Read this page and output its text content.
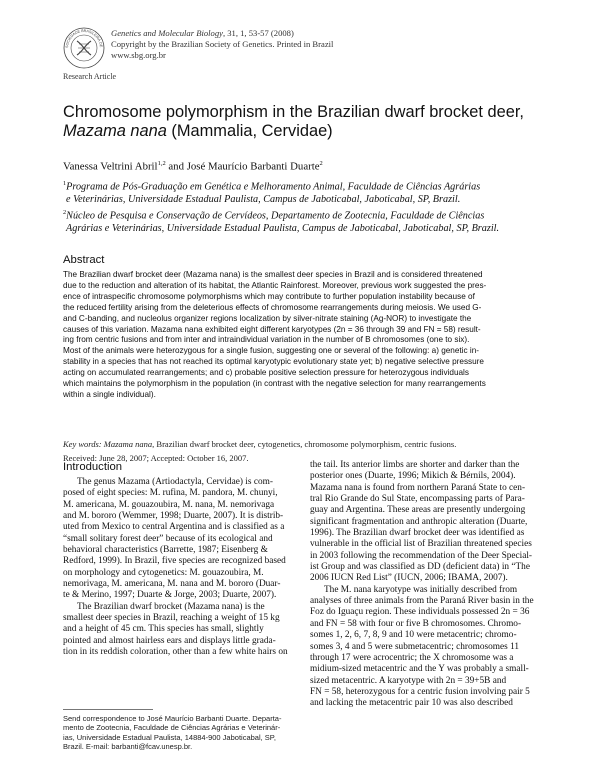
SOCIEDADE BRASILEIRA DE
Genetics and Molecular Biology, 31, 1, 53-57 (2008)
Copyright by the Brazilian Society of Genetics. Printed in Brazil
www.sbg.org.br
Research Article
Chromosome polymorphism in the Brazilian dwarf brocket deer,
Mazama nana (Mammalia, Cervidae)
Vanessa Veltrini Abril$^{1,2}$ and José Maurício Barbanti Duarte$^2$
$^1$Programa de Pós-Graduação em Genética e Melhoramento Animal, Faculdade de Ciências Agrárias
e Veterinárias, Universidade Estadual Paulista, Campus de Jaboticabal, Jaboticabal, SP, Brazil.
$^2$Núcleo de Pesquisa e Conservação de Cervídeos, Departamento de Zootecnia, Faculdade de Ciências
Agrárias e Veterinárias, Universidade Estadual Paulista, Campus de Jaboticabal, Jaboticabal, SP, Brazil.
Abstract
The Brazilian dwarf brocket deer (Mazama nana) is the smallest deer species in Brazil and is considered threatened
due to the reduction and alteration of its habitat, the Atlantic Rainforest. Moreover, previous work suggested the pres-
ence of intraspecific chromosome polymorphisms which may contribute to further population instability because of
the reduced fertility arising from the deleterious effects of chromosome rearrangements during meiosis. We used G-
and C-banding, and nucleolus organizer regions localization by silver-nitrate staining (Ag-NOR) to investigate the
causes of this variation. Mazama nana exhibited eight different karyotypes (2n = 36 through 39 and FN = 58) result-
ing from centric fusions and from inter and intraindividual variation in the number of B chromosomes (one to six).
Most of the animals were heterozygous for a single fusion, suggesting one or several of the following: a) genetic in-
stability in a species that has not reached its optimal karyotypic evolutionary state yet; b) negative selective pressure
acting on accumulated rearrangements; and c) probable positive selection pressure for heterozygous individuals
which maintains the polymorphism in the population (in contrast with the negative selection for many rearrangements
within a single individual).
Key words: Mazama nana, Brazilian dwarf brocket deer, cytogenetics, chromosome polymorphism, centric fusions.
Received: June 28, 2007; Accepted: October 16, 2007.
Introduction
The genus Mazama (Artiodactyla, Cervidae) is com-
posed of eight species: M. rufina, M. pandora, M. chunyi,
M. americana, M. gouazoubira, M. nana, M. nemorivaga
and M. bororo (Wemmer, 1998; Duarte, 2007). It is distrib-
uted from Mexico to central Argentina and is classified as a
“small solitary forest deer” because of its ecological and
behavioral characteristics (Barrette, 1987; Eisenberg &
Redford, 1999). In Brazil, five species are recognized based
on morphology and cytogenetics: M. gouazoubira, M.
nemorivaga, M. americana, M. nana and M. bororo (Duar-
te & Merino, 1997; Duarte & Jorge, 2003; Duarte, 2007).
The Brazilian dwarf brocket (Mazama nana) is the
smallest deer species in Brazil, reaching a weight of 15 kg
and a height of 45 cm. This species has small, slightly
pointed and almost hairless ears and displays little grada-
tion in its reddish coloration, other than a few white hairs on
the tail. Its anterior limbs are shorter and darker than the
posterior ones (Duarte, 1996; Mikich & Bérnils, 2004).
Mazama nana is found from northern Paraná State to cen-
tral Rio Grande do Sul State, encompassing parts of Para-
guay and Argentina. These areas are presently undergoing
significant fragmentation and anthropic alteration (Duarte,
1996). The Brazilian dwarf brocket deer was identified as
vulnerable in the official list of Brazilian threatened species
in 2003 following the recommendation of the Deer Special-
ist Group and was classified as DD (deficient data) in “The
2006 IUCN Red List” (IUCN, 2006; IBAMA, 2007).
The M. nana karyotype was initially described from
analyses of three animals from the Paraná River basin in the
Foz do Iguaçu region. These individuals possessed 2n = 36
and FN = 58 with four or five B chromosomes. Chromo-
somes 1, 2, 6, 7, 8, 9 and 10 were metacentric; chromo-
somes 3, 4 and 5 were submetacentric; chromosomes 11
through 17 were acrocentric; the X chromosome was a
midium-sized metacentric and the Y was probably a small-
sized metacentric. A karyotype with 2n = 39+5B and
FN = 58, heterozygous for a centric fusion involving pair 5
and lacking the metacentric pair 10 was also described
Send correspondence to José Maurício Barbanti Duarte. Departa-
mento de Zootecnia, Faculdade de Ciências Agrárias e Veterinár-
ias, Universidade Estadual Paulista, 14884-900 Jaboticabal, SP,
Brazil. E-mail: barbanti@fcav.unesp.br.
